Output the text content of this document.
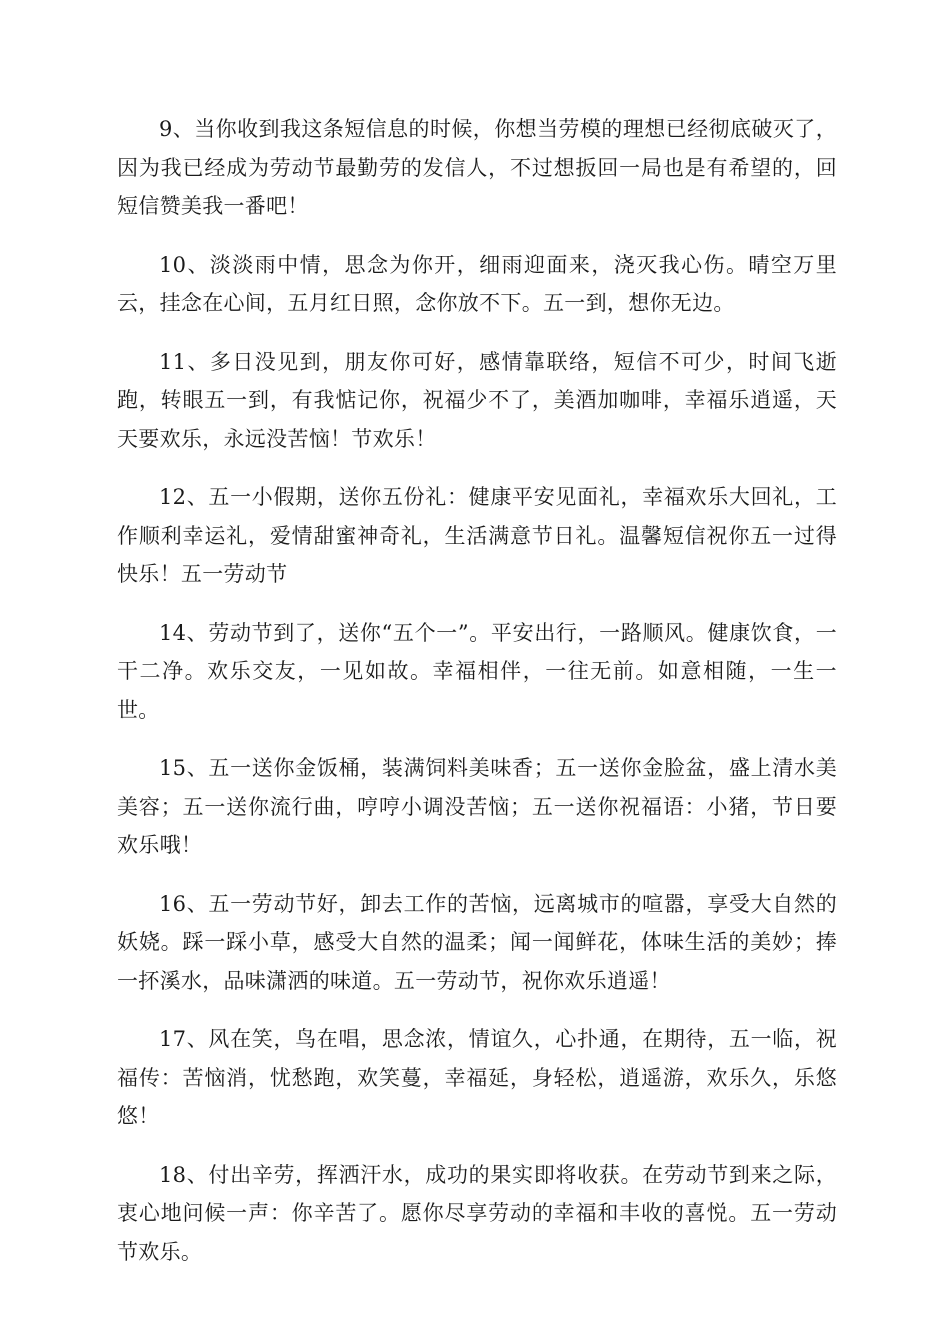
9、当你收到我这条短信息的时候，你想当劳模的理想已经彻底破灭了，因为我已经成为劳动节最勤劳的发信人，不过想扳回一局也是有希望的，回短信赞美我一番吧！

10、淡淡雨中情，思念为你开，细雨迎面来，浇灭我心伤。晴空万里云，挂念在心间，五月红日照，念你放不下。五一到，想你无边。

11、多日没见到，朋友你可好，感情靠联络，短信不可少，时间飞逝跑，转眼五一到，有我惦记你，祝福少不了，美酒加咖啡，幸福乐逍遥，天天要欢乐，永远没苦恼！节欢乐！

12、五一小假期，送你五份礼：健康平安见面礼，幸福欢乐大回礼，工作顺利幸运礼，爱情甜蜜神奇礼，生活满意节日礼。温馨短信祝你五一过得快乐！五一劳动节

14、劳动节到了，送你“五个一”。平安出行，一路顺风。健康饮食，一干二净。欢乐交友，一见如故。幸福相伴，一往无前。如意相随，一生一世。

15、五一送你金饭桶，装满饲料美味香；五一送你金脸盆，盛上清水美美容；五一送你流行曲，哼哼小调没苦恼；五一送你祝福语：小猪，节日要欢乐哦！

16、五一劳动节好，卸去工作的苦恼，远离城市的喧嚣，享受大自然的妖娆。踩一踩小草，感受大自然的温柔；闻一闻鲜花，体味生活的美妙；捧一抔溪水，品味潇洒的味道。五一劳动节，祝你欢乐逍遥！

17、风在笑，鸟在唱，思念浓，情谊久，心扑通，在期待，五一临，祝福传：苦恼消，忧愁跑，欢笑蔓，幸福延，身轻松，逍遥游，欢乐久，乐悠悠！

18、付出辛劳，挥洒汗水，成功的果实即将收获。在劳动节到来之际，衷心地问候一声：你辛苦了。愿你尽享劳动的幸福和丰收的喜悦。五一劳动节欢乐。
